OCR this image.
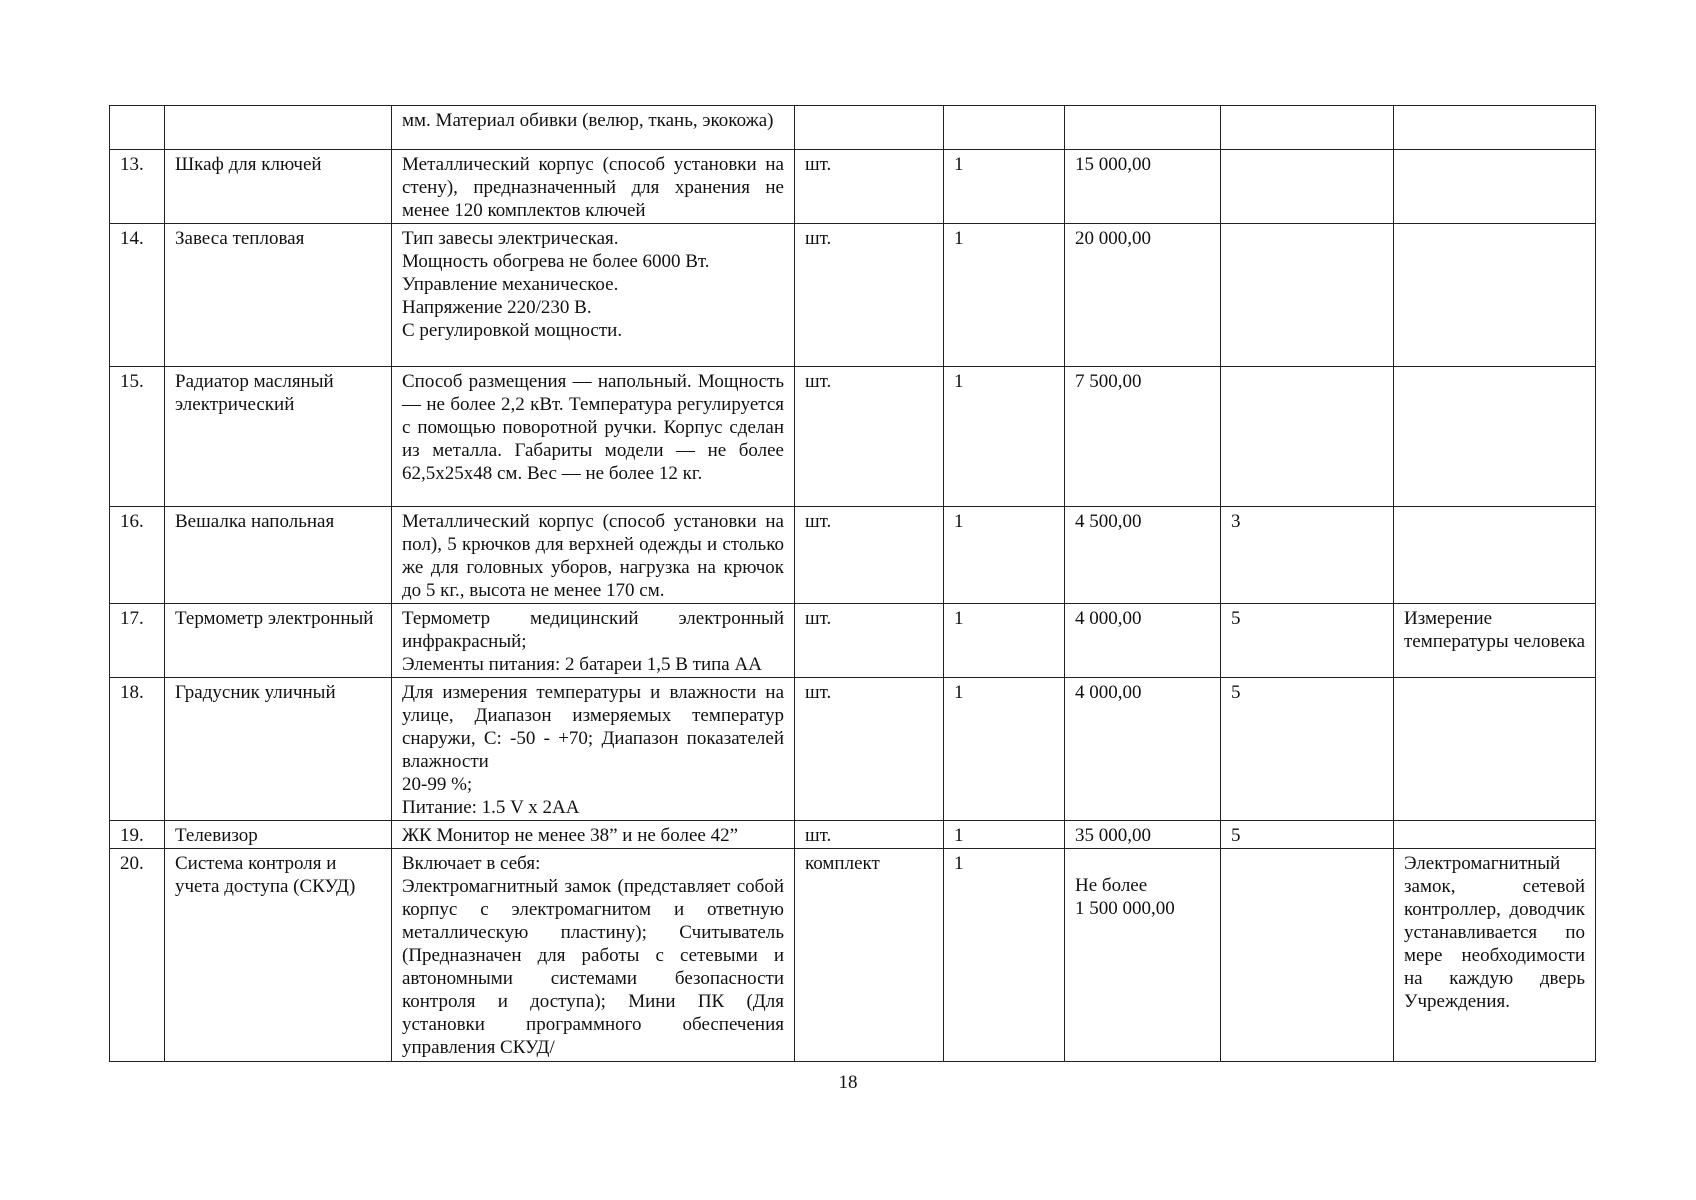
		мм. Материал обивки (велюр, ткань, экокожа)					
13.	Шкаф для ключей	Металлический корпус (способ установки на стену), предназначенный для хранения не менее 120 комплектов ключей	шт.	1	15 000,00		
14.	Завеса тепловая	Тип завесы электрическая.
Мощность обогрева не более 6000 Вт.
Управление механическое.
Напряжение 220/230 В.
С регулировкой мощности.	шт.	1	20 000,00		
15.	Радиатор масляный электрический	Способ размещения — напольный. Мощность — не более 2,2 кВт. Температура регулируется с помощью поворотной ручки. Корпус сделан из металла. Габариты модели — не более 62,5х25х48 см. Вес — не более 12 кг.	шт.	1	7 500,00		
16.	Вешалка напольная	Металлический корпус (способ установки на пол), 5 крючков для верхней одежды и столько же для головных уборов, нагрузка на крючок до 5 кг., высота не менее 170 см.	шт.	1	4 500,00	3	
17.	Термометр электронный	Термометр медицинский электронный инфракрасный;
Элементы питания: 2 батареи 1,5 В типа АА	шт.	1	4 000,00	5	Измерение температуры человека
18.	Градусник уличный	Для измерения температуры и влажности на улице, Диапазон измеряемых температур снаружи, С: -50 - +70; Диапазон показателей влажности
20-99 %;
Питание: 1.5 V x 2AA	шт.	1	4 000,00	5	
19.	Телевизор	ЖК Монитор не менее 38” и не более 42”	шт.	1	35 000,00	5	
20.	Система контроля и учета доступа (СКУД)	Включает в себя:
Электромагнитный замок (представляет собой корпус с электромагнитом и ответную металлическую пластину); Считыватель (Предназначен для работы с сетевыми и автономными системами безопасности контроля и доступа); Мини ПК (Для установки программного обеспечения управления СКУД/	комплект	1	Не более
1 500 000,00		Электромагнитный замок, сетевой контроллер, доводчик устанавливается по мере необходимости на каждую дверь Учреждения.
18
